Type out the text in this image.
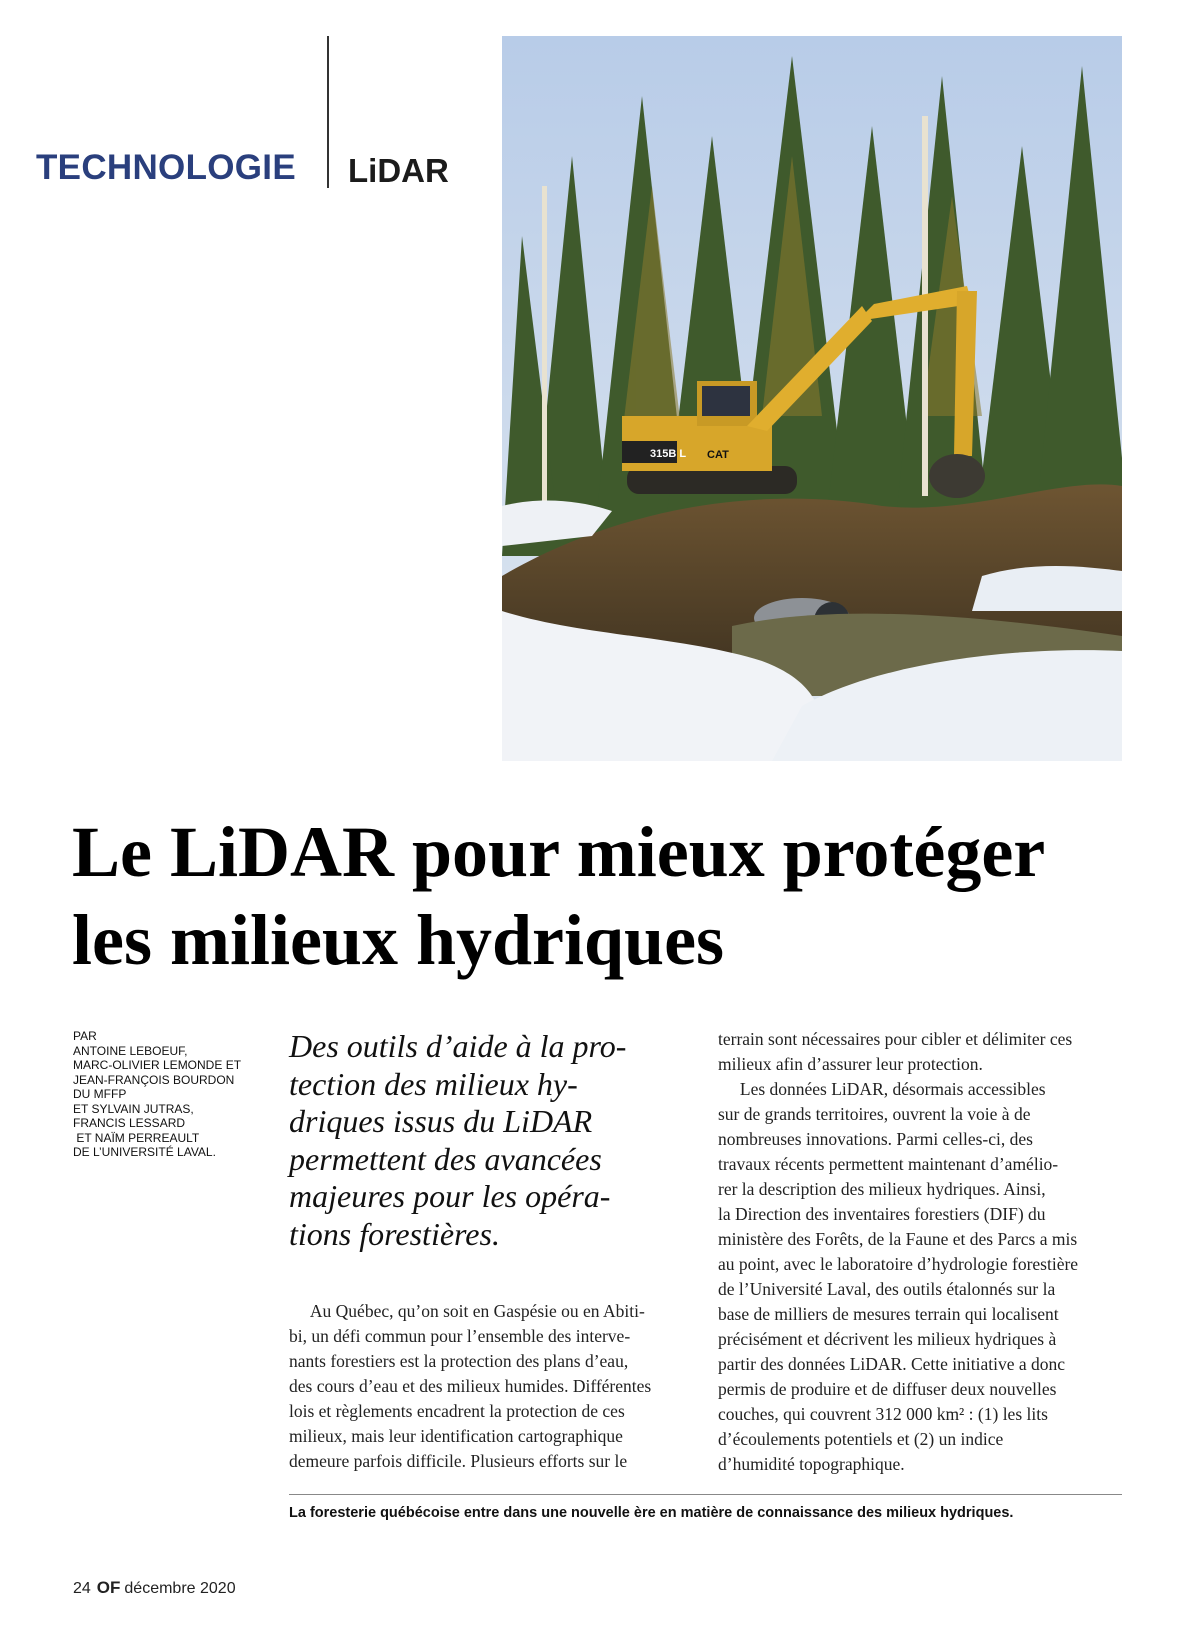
TECHNOLOGIE LiDAR
315B L CAT
Le LiDAR pour mieux protéger
les milieux hydriques
PAR
ANTOINE LEBOEUF,
MARC-OLIVIER LEMONDE ET
JEAN-FRANÇOIS BOURDON
DU MFFP
ET SYLVAIN JUTRAS,
FRANCIS LESSARD
ET NAÏM PERREAULT
DE L’UNIVERSITÉ LAVAL.
Des outils d’aide à la pro-
tection des milieux hy-
driques issus du LiDAR
permettent des avancées
majeures pour les opéra-
tions forestières.
Au Québec, qu’on soit en Gaspésie ou en Abiti-
bi, un défi commun pour l’ensemble des interve-
nants forestiers est la protection des plans d’eau,
des cours d’eau et des milieux humides. Différentes
lois et règlements encadrent la protection de ces
milieux, mais leur identification cartographique
demeure parfois difficile. Plusieurs efforts sur le
terrain sont nécessaires pour cibler et délimiter ces
milieux afin d’assurer leur protection.
Les données LiDAR, désormais accessibles
sur de grands territoires, ouvrent la voie à de
nombreuses innovations. Parmi celles-ci, des
travaux récents permettent maintenant d’amélio-
rer la description des milieux hydriques. Ainsi,
la Direction des inventaires forestiers (DIF) du
ministère des Forêts, de la Faune et des Parcs a mis
au point, avec le laboratoire d’hydrologie forestière
de l’Université Laval, des outils étalonnés sur la
base de milliers de mesures terrain qui localisent
précisément et décrivent les milieux hydriques à
partir des données LiDAR. Cette initiative a donc
permis de produire et de diffuser deux nouvelles
couches, qui couvrent 312 000 km² : (1) les lits
d’écoulements potentiels et (2) un indice
d’humidité topographique.
La foresterie québécoise entre dans une nouvelle ère en matière de connaissance des milieux hydriques.
24 OF décembre 2020
